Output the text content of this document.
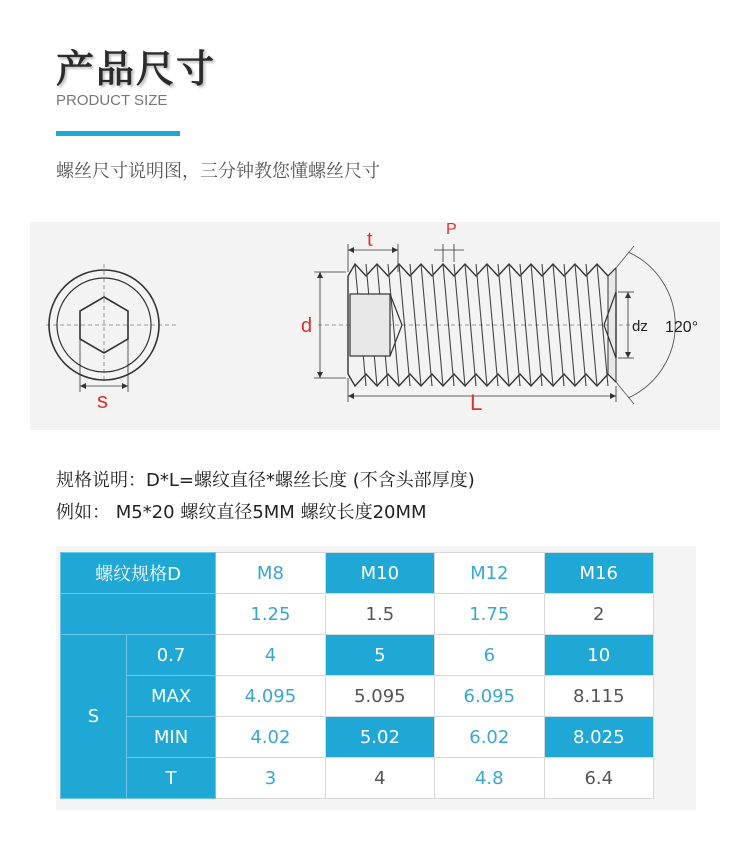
产品尺寸
PRODUCT SIZE
螺丝尺寸说明图，三分钟教您懂螺丝尺寸
t	P
d
s	L
dz 120°
规格说明：D*L=螺纹直径*螺丝长度 (不含头部厚度)
例如： M5*20 螺纹直径5MM 螺纹长度20MM
螺纹规格D		M8	M10	M12	M16
		1.25	1.5	1.75	2
S	0.7	4	5	6	10
	MAX	4.095	5.095	6.095	8.115
	MIN	4.02	5.02	6.02	8.025
	T	3	4	4.8	6.4
